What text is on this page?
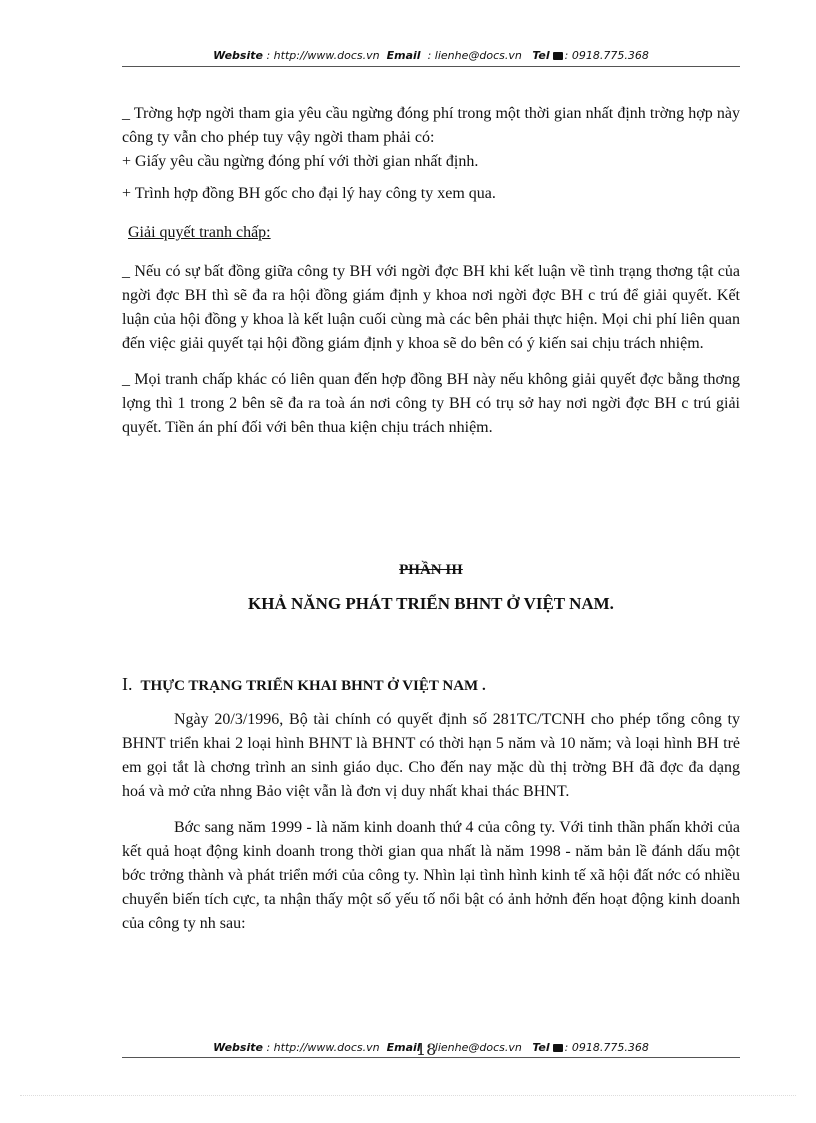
Website : http://www.docs.vn Email : lienhe@docs.vn Tel : 0918.775.368

_ Trờng hợp ngời tham gia yêu cầu ngừng đóng phí trong một thời gian nhất định trờng hợp này công ty vẫn cho phép tuy vậy ngời tham phải có:

+ Giấy yêu cầu ngừng đóng phí với thời gian nhất định.

+ Trình hợp đồng BH gốc cho đại lý hay công ty xem qua.

Giải quyết tranh chấp:

_ Nếu có sự bất đồng giữa công ty BH với ngời đợc BH khi kết luận về tình trạng thơng tật của ngời đợc BH thì sẽ đa ra hội đồng giám định y khoa nơi ngời đợc BH c trú để giải quyết. Kết luận của hội đồng y khoa là kết luận cuối cùng mà các bên phải thực hiện. Mọi chi phí liên quan đến việc giải quyết tại hội đồng giám định y khoa sẽ do bên có ý kiến sai chịu trách nhiệm.

_ Mọi tranh chấp khác có liên quan đến hợp đồng BH này nếu không giải quyết đợc bằng thơng lợng thì 1 trong 2 bên sẽ đa ra toà án nơi công ty BH có trụ sở hay nơi ngời đợc BH c trú giải quyết. Tiền án phí đối với bên thua kiện chịu trách nhiệm.

PHẦN III
KHẢ NĂNG PHÁT TRIỂN BHNT Ở VIỆT NAM.
I. THỰC TRẠNG TRIỂN KHAI BHNT Ở VIỆT NAM .

Ngày 20/3/1996, Bộ tài chính có quyết định số 281TC/TCNH cho phép tổng công ty BHNT triển khai 2 loại hình BHNT là BHNT có thời hạn 5 năm và 10 năm; và loại hình BH trẻ em gọi tắt là chơng trình an sinh giáo dục. Cho đến nay mặc dù thị trờng BH đã đợc đa dạng hoá và mở cửa nhng Bảo việt vẫn là đơn vị duy nhất khai thác BHNT.

Bớc sang năm 1999 - là năm kinh doanh thứ 4 của công ty. Với tinh thần phấn khởi của kết quả hoạt động kinh doanh trong thời gian qua nhất là năm 1998 - năm bản lề đánh dấu một bớc trởng thành và phát triển mới của công ty. Nhìn lại tình hình kinh tế xã hội đất nớc có nhiều chuyển biến tích cực, ta nhận thấy một số yếu tố nổi bật có ảnh hởnh đến hoạt động kinh doanh của công ty nh sau:

Website : http://www.docs.vn Email : lienhe@docs.vn Tel : 0918.775.368
18
